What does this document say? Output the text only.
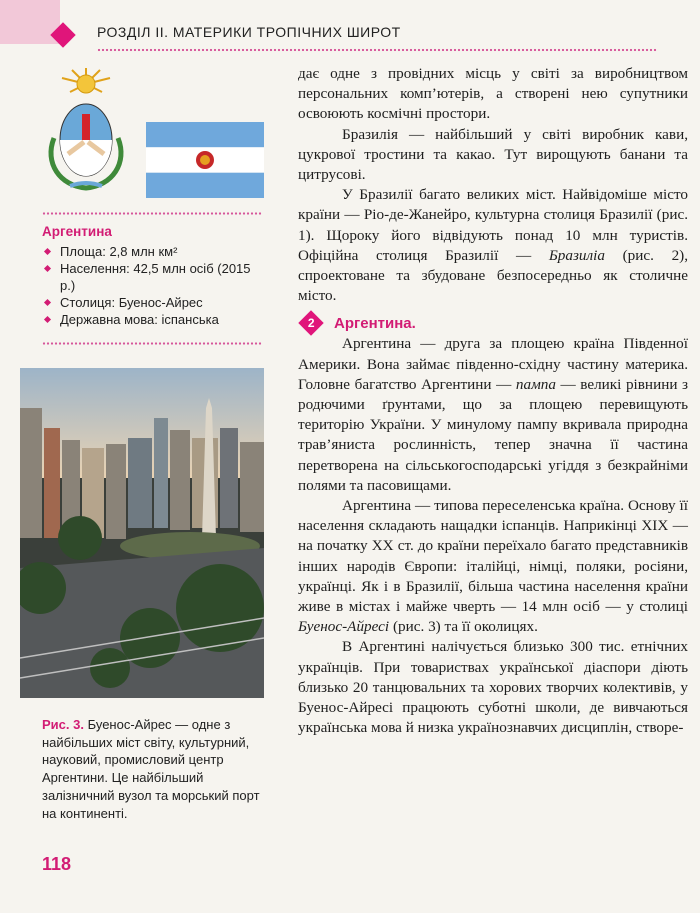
РОЗДІЛ ІІ. МАТЕРИКИ ТРОПІЧНИХ ШИРОТ
Аргентина
Площа: 2,8 млн км²
Населення: 42,5 млн осіб (2015 р.)
Столиця: Буенос-Айрес
Державна мова: іспанська
Рис. 3. Буенос-Айрес — одне з найбільших міст світу, культурний, науковий, промисловий центр Аргентини. Це найбільший залізничний вузол та морський порт на континенті.
118

дає одне з провідних місць у світі за виробництвом персональних комп’ютерів, а створені нею супутники освоюють космічні простори.

Бразилія — найбільший у світі виробник кави, цукрової тростини та какао. Тут вирощують банани та цитрусові.

У Бразилії багато великих міст. Найвідоміше місто країни — Ріо-де-Жанейро, культурна столиця Бразилії (рис. 1). Щороку його відвідують понад 10 млн туристів. Офіційна столиця Бразилії — Бразиліа (рис. 2), спроектоване та збудоване безпосередньо як столичне місто.

2 Аргентина.

Аргентина — друга за площею країна Південної Америки. Вона займає південно-східну частину материка. Головне багатство Аргентини — пампа — великі рівнини з родючими ґрунтами, що за площею перевищують територію України. У минулому пампу вкривала природна трав’яниста рослинність, тепер значна її частина перетворена на сільськогосподарські угіддя з безкрайніми полями та пасовищами.

Аргентина — типова переселенська країна. Основу її населення складають нащадки іспанців. Наприкінці XIX — на початку XX ст. до країни переїхало багато представників інших народів Європи: італійці, німці, поляки, росіяни, українці. Як і в Бразилії, більша частина населення країни живе в містах і майже чверть — 14 млн осіб — у столиці Буенос-Айресі (рис. 3) та її околицях.

В Аргентині налічується близько 300 тис. етнічних українців. При товариствах української діаспори діють близько 20 танцювальних та хорових творчих колективів, у Буенос-Айресі працюють суботні школи, де вивчаються українська мова й низка українознавчих дисциплін, створе-
